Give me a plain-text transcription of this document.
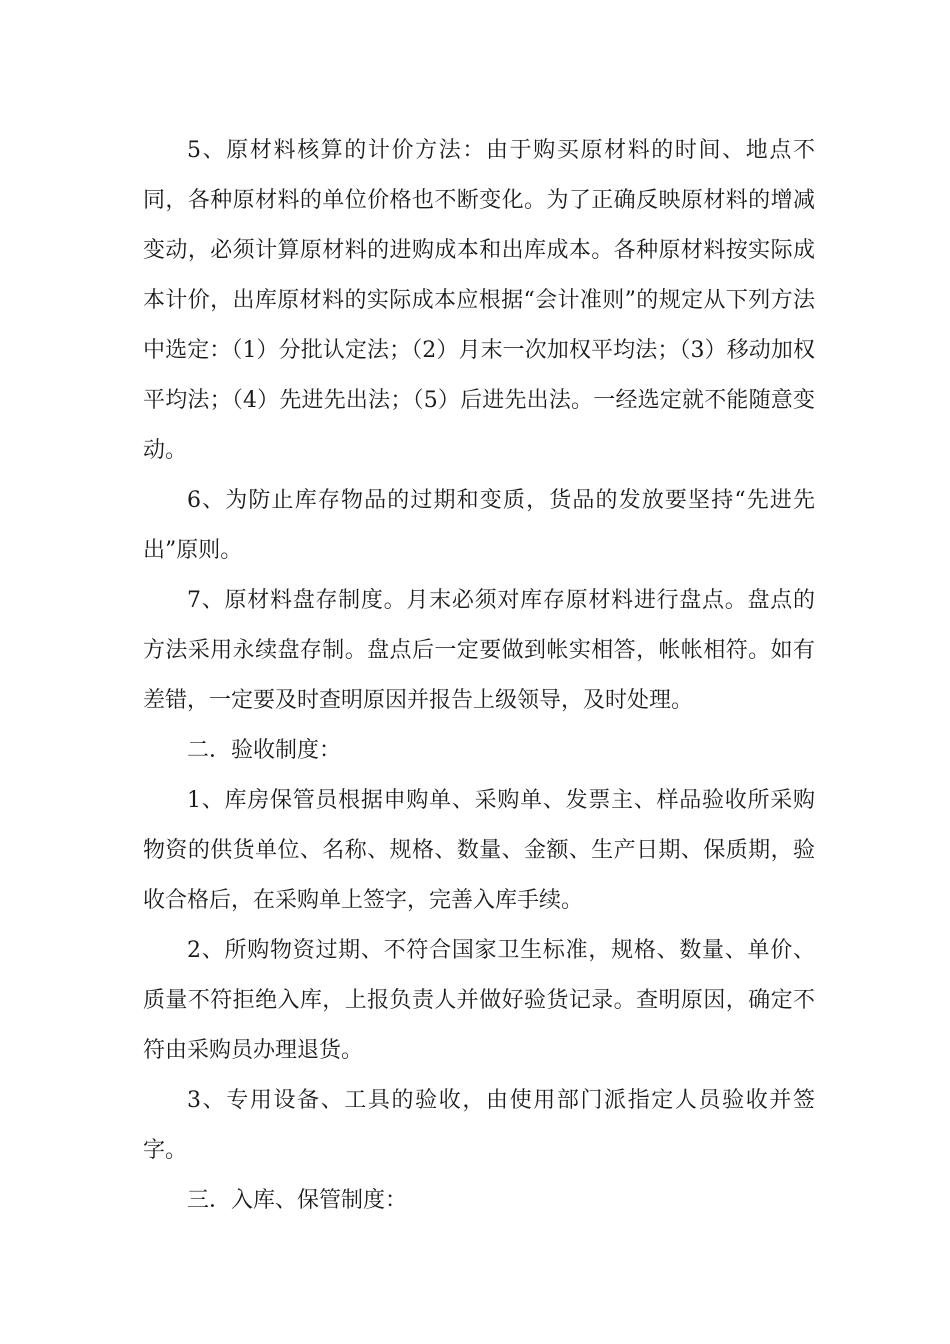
5、原材料核算的计价方法：由于购买原材料的时间、地点不同，各种原材料的单位价格也不断变化。为了正确反映原材料的增减变动，必须计算原材料的进购成本和出库成本。各种原材料按实际成本计价，出库原材料的实际成本应根据“会计准则”的规定从下列方法中选定：（1）分批认定法；（2）月末一次加权平均法；（3）移动加权平均法；（4）先进先出法；（5）后进先出法。一经选定就不能随意变动。

6、为防止库存物品的过期和变质，货品的发放要坚持“先进先出”原则。

7、原材料盘存制度。月末必须对库存原材料进行盘点。盘点的方法采用永续盘存制。盘点后一定要做到帐实相答，帐帐相符。如有差错，一定要及时查明原因并报告上级领导，及时处理。

二．验收制度：

1、库房保管员根据申购单、采购单、发票主、样品验收所采购物资的供货单位、名称、规格、数量、金额、生产日期、保质期，验收合格后，在采购单上签字，完善入库手续。

2、所购物资过期、不符合国家卫生标准，规格、数量、单价、质量不符拒绝入库，上报负责人并做好验货记录。查明原因，确定不符由采购员办理退货。

3、专用设备、工具的验收，由使用部门派指定人员验收并签字。

三．入库、保管制度：
